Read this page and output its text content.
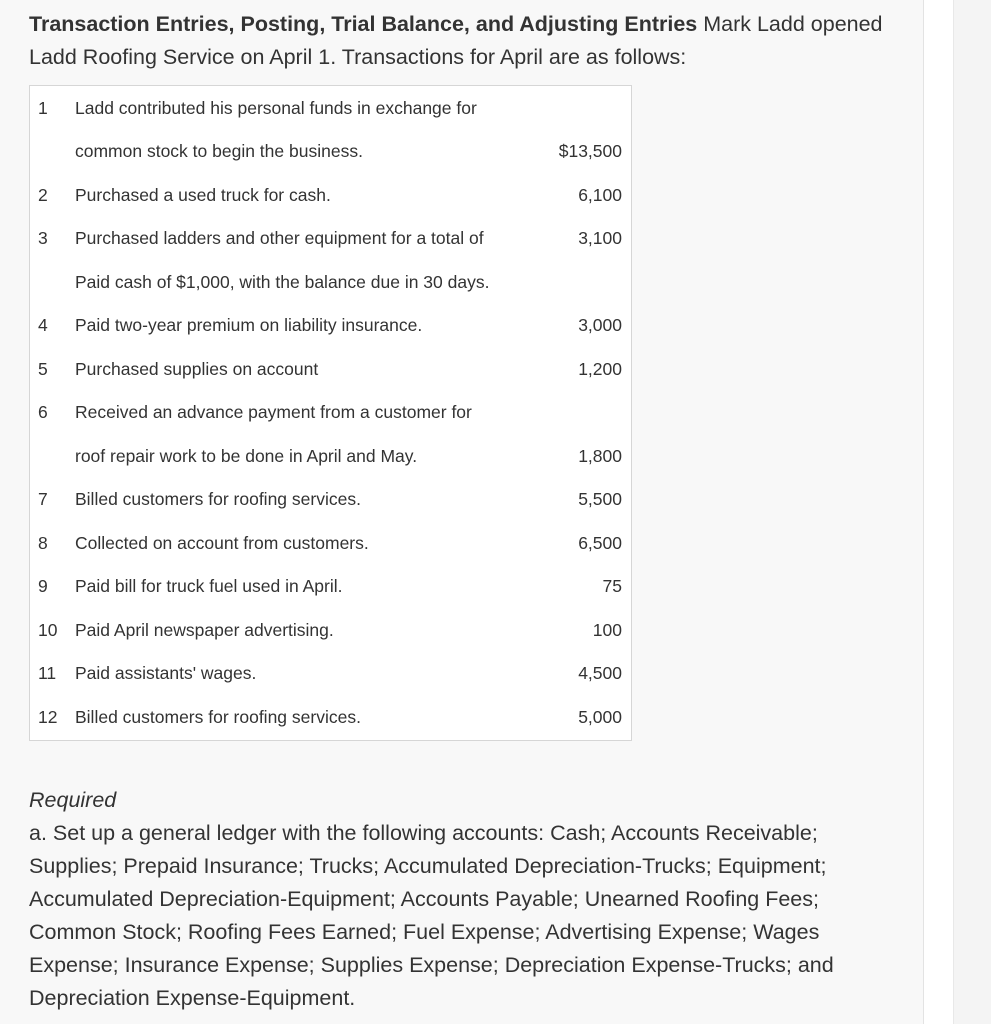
Transaction Entries, Posting, Trial Balance, and Adjusting Entries Mark Ladd opened Ladd Roofing Service on April 1. Transactions for April are as follows:
1	Ladd contributed his personal funds in exchange for
common stock to begin the business.	$13,500
2	Purchased a used truck for cash.	6,100
3	Purchased ladders and other equipment for a total of	3,100
Paid cash of $1,000, with the balance due in 30 days.
4	Paid two-year premium on liability insurance.	3,000
5	Purchased supplies on account	1,200
6	Received an advance payment from a customer for
roof repair work to be done in April and May.	1,800
7	Billed customers for roofing services.	5,500
8	Collected on account from customers.	6,500
9	Paid bill for truck fuel used in April.	75
10	Paid April newspaper advertising.	100
11	Paid assistants' wages.	4,500
12	Billed customers for roofing services.	5,000
Required
a. Set up a general ledger with the following accounts: Cash; Accounts Receivable; Supplies; Prepaid Insurance; Trucks; Accumulated Depreciation-Trucks; Equipment; Accumulated Depreciation-Equipment; Accounts Payable; Unearned Roofing Fees; Common Stock; Roofing Fees Earned; Fuel Expense; Advertising Expense; Wages Expense; Insurance Expense; Supplies Expense; Depreciation Expense-Trucks; and Depreciation Expense-Equipment.
